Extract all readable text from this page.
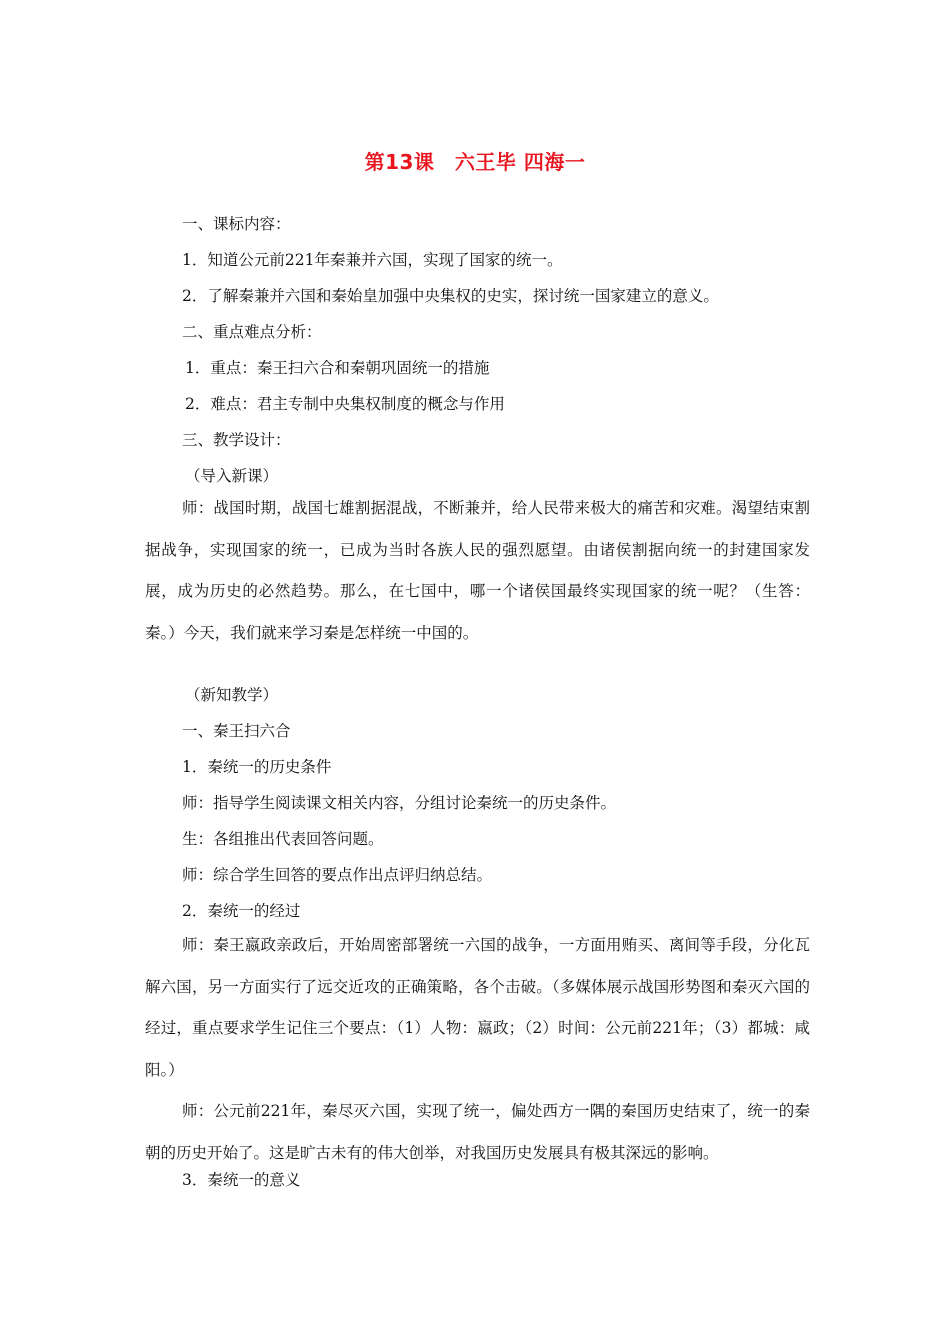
第13课　六王毕 四海一
一、课标内容：
1．知道公元前221年秦兼并六国，实现了国家的统一。
2．了解秦兼并六国和秦始皇加强中央集权的史实，探讨统一国家建立的意义。
二、重点难点分析：
1．重点：秦王扫六合和秦朝巩固统一的措施
2．难点：君主专制中央集权制度的概念与作用
三、教学设计：
（导入新课）
师：战国时期，战国七雄割据混战，不断兼并，给人民带来极大的痛苦和灾难。渴望结束割据战争，实现国家的统一，已成为当时各族人民的强烈愿望。由诸侯割据向统一的封建国家发展，成为历史的必然趋势。那么，在七国中，哪一个诸侯国最终实现国家的统一呢？（生答：秦。）今天，我们就来学习秦是怎样统一中国的。
（新知教学）
一、秦王扫六合
1．秦统一的历史条件
师：指导学生阅读课文相关内容，分组讨论秦统一的历史条件。
生：各组推出代表回答问题。
师：综合学生回答的要点作出点评归纳总结。
2．秦统一的经过
师：秦王嬴政亲政后，开始周密部署统一六国的战争，一方面用贿买、离间等手段，分化瓦解六国，另一方面实行了远交近攻的正确策略，各个击破。（多媒体展示战国形势图和秦灭六国的经过，重点要求学生记住三个要点：（1）人物：嬴政；（2）时间：公元前221年；（3）都城：咸阳。）
师：公元前221年，秦尽灭六国，实现了统一，偏处西方一隅的秦国历史结束了，统一的秦朝的历史开始了。这是旷古未有的伟大创举，对我国历史发展具有极其深远的影响。
3．秦统一的意义
